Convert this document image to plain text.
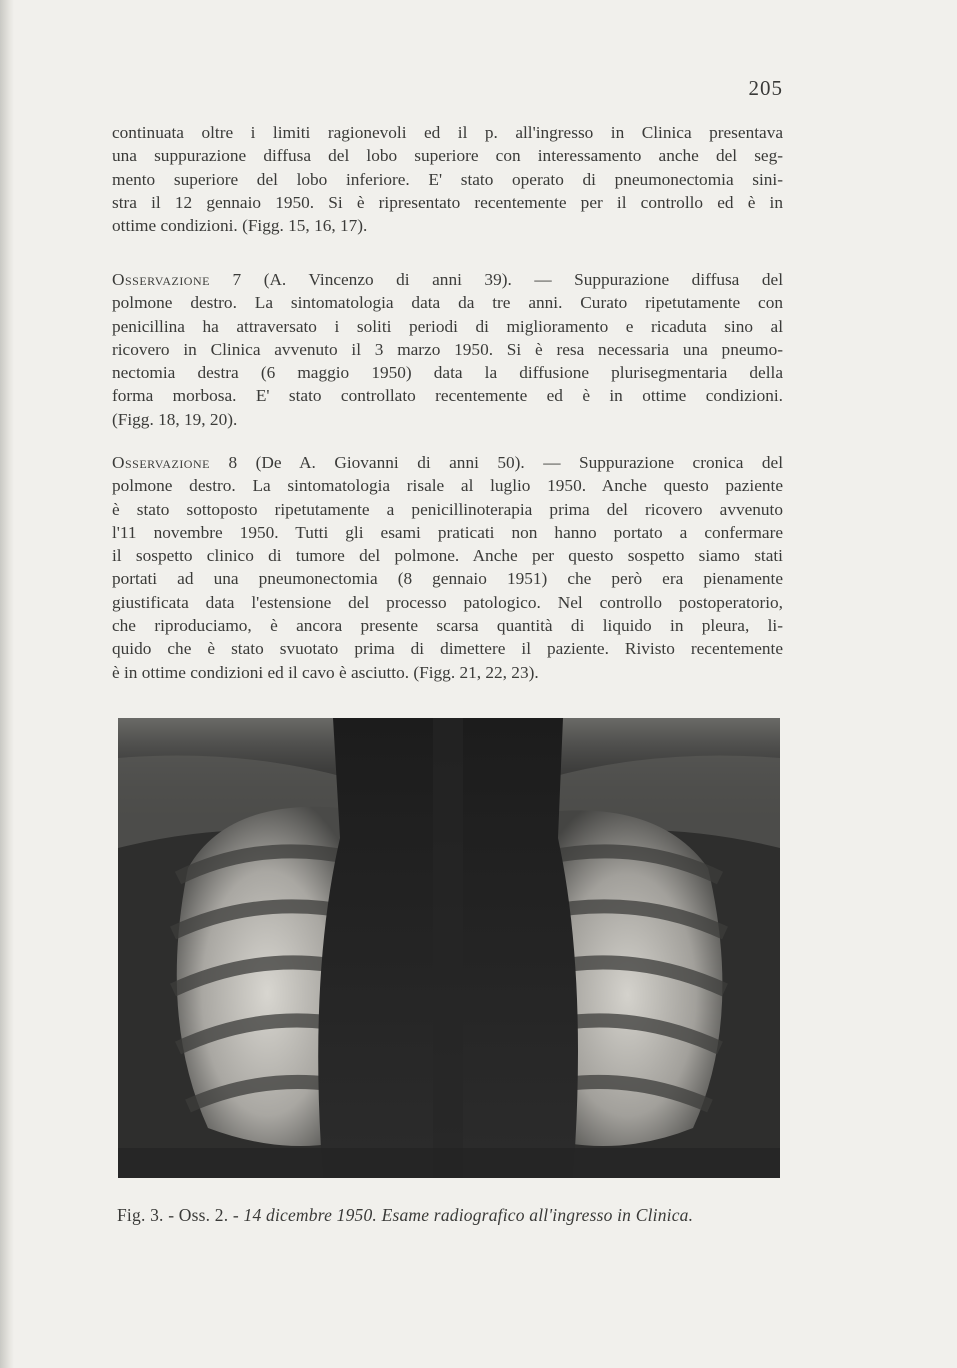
205
continuata oltre i limiti ragionevoli ed il p. all'ingresso in Clinica presentava
una suppurazione diffusa del lobo superiore con interessamento anche del seg-
mento superiore del lobo inferiore. E' stato operato di pneumonectomia sini-
stra il 12 gennaio 1950. Si è ripresentato recentemente per il controllo ed è in
ottime condizioni. (Figg. 15, 16, 17).
Osservazione 7 (A. Vincenzo di anni 39). — Suppurazione diffusa del
polmone destro. La sintomatologia data da tre anni. Curato ripetutamente con
penicillina ha attraversato i soliti periodi di miglioramento e ricaduta sino al
ricovero in Clinica avvenuto il 3 marzo 1950. Si è resa necessaria una pneumo-
nectomia destra (6 maggio 1950) data la diffusione plurisegmentaria della
forma morbosa. E' stato controllato recentemente ed è in ottime condizioni.
(Figg. 18, 19, 20).
Osservazione 8 (De A. Giovanni di anni 50). — Suppurazione cronica del
polmone destro. La sintomatologia risale al luglio 1950. Anche questo paziente
è stato sottoposto ripetutamente a penicillinoterapia prima del ricovero avvenuto
l'11 novembre 1950. Tutti gli esami praticati non hanno portato a confermare
il sospetto clinico di tumore del polmone. Anche per questo sospetto siamo stati
portati ad una pneumonectomia (8 gennaio 1951) che però era pienamente
giustificata data l'estensione del processo patologico. Nel controllo postoperatorio,
che riproduciamo, è ancora presente scarsa quantità di liquido in pleura, li-
quido che è stato svuotato prima di dimettere il paziente. Rivisto recentemente
è in ottime condizioni ed il cavo è asciutto. (Figg. 21, 22, 23).
Fig. 3. - Oss. 2. - 14 dicembre 1950. Esame radiografico all'ingresso in Clinica.
